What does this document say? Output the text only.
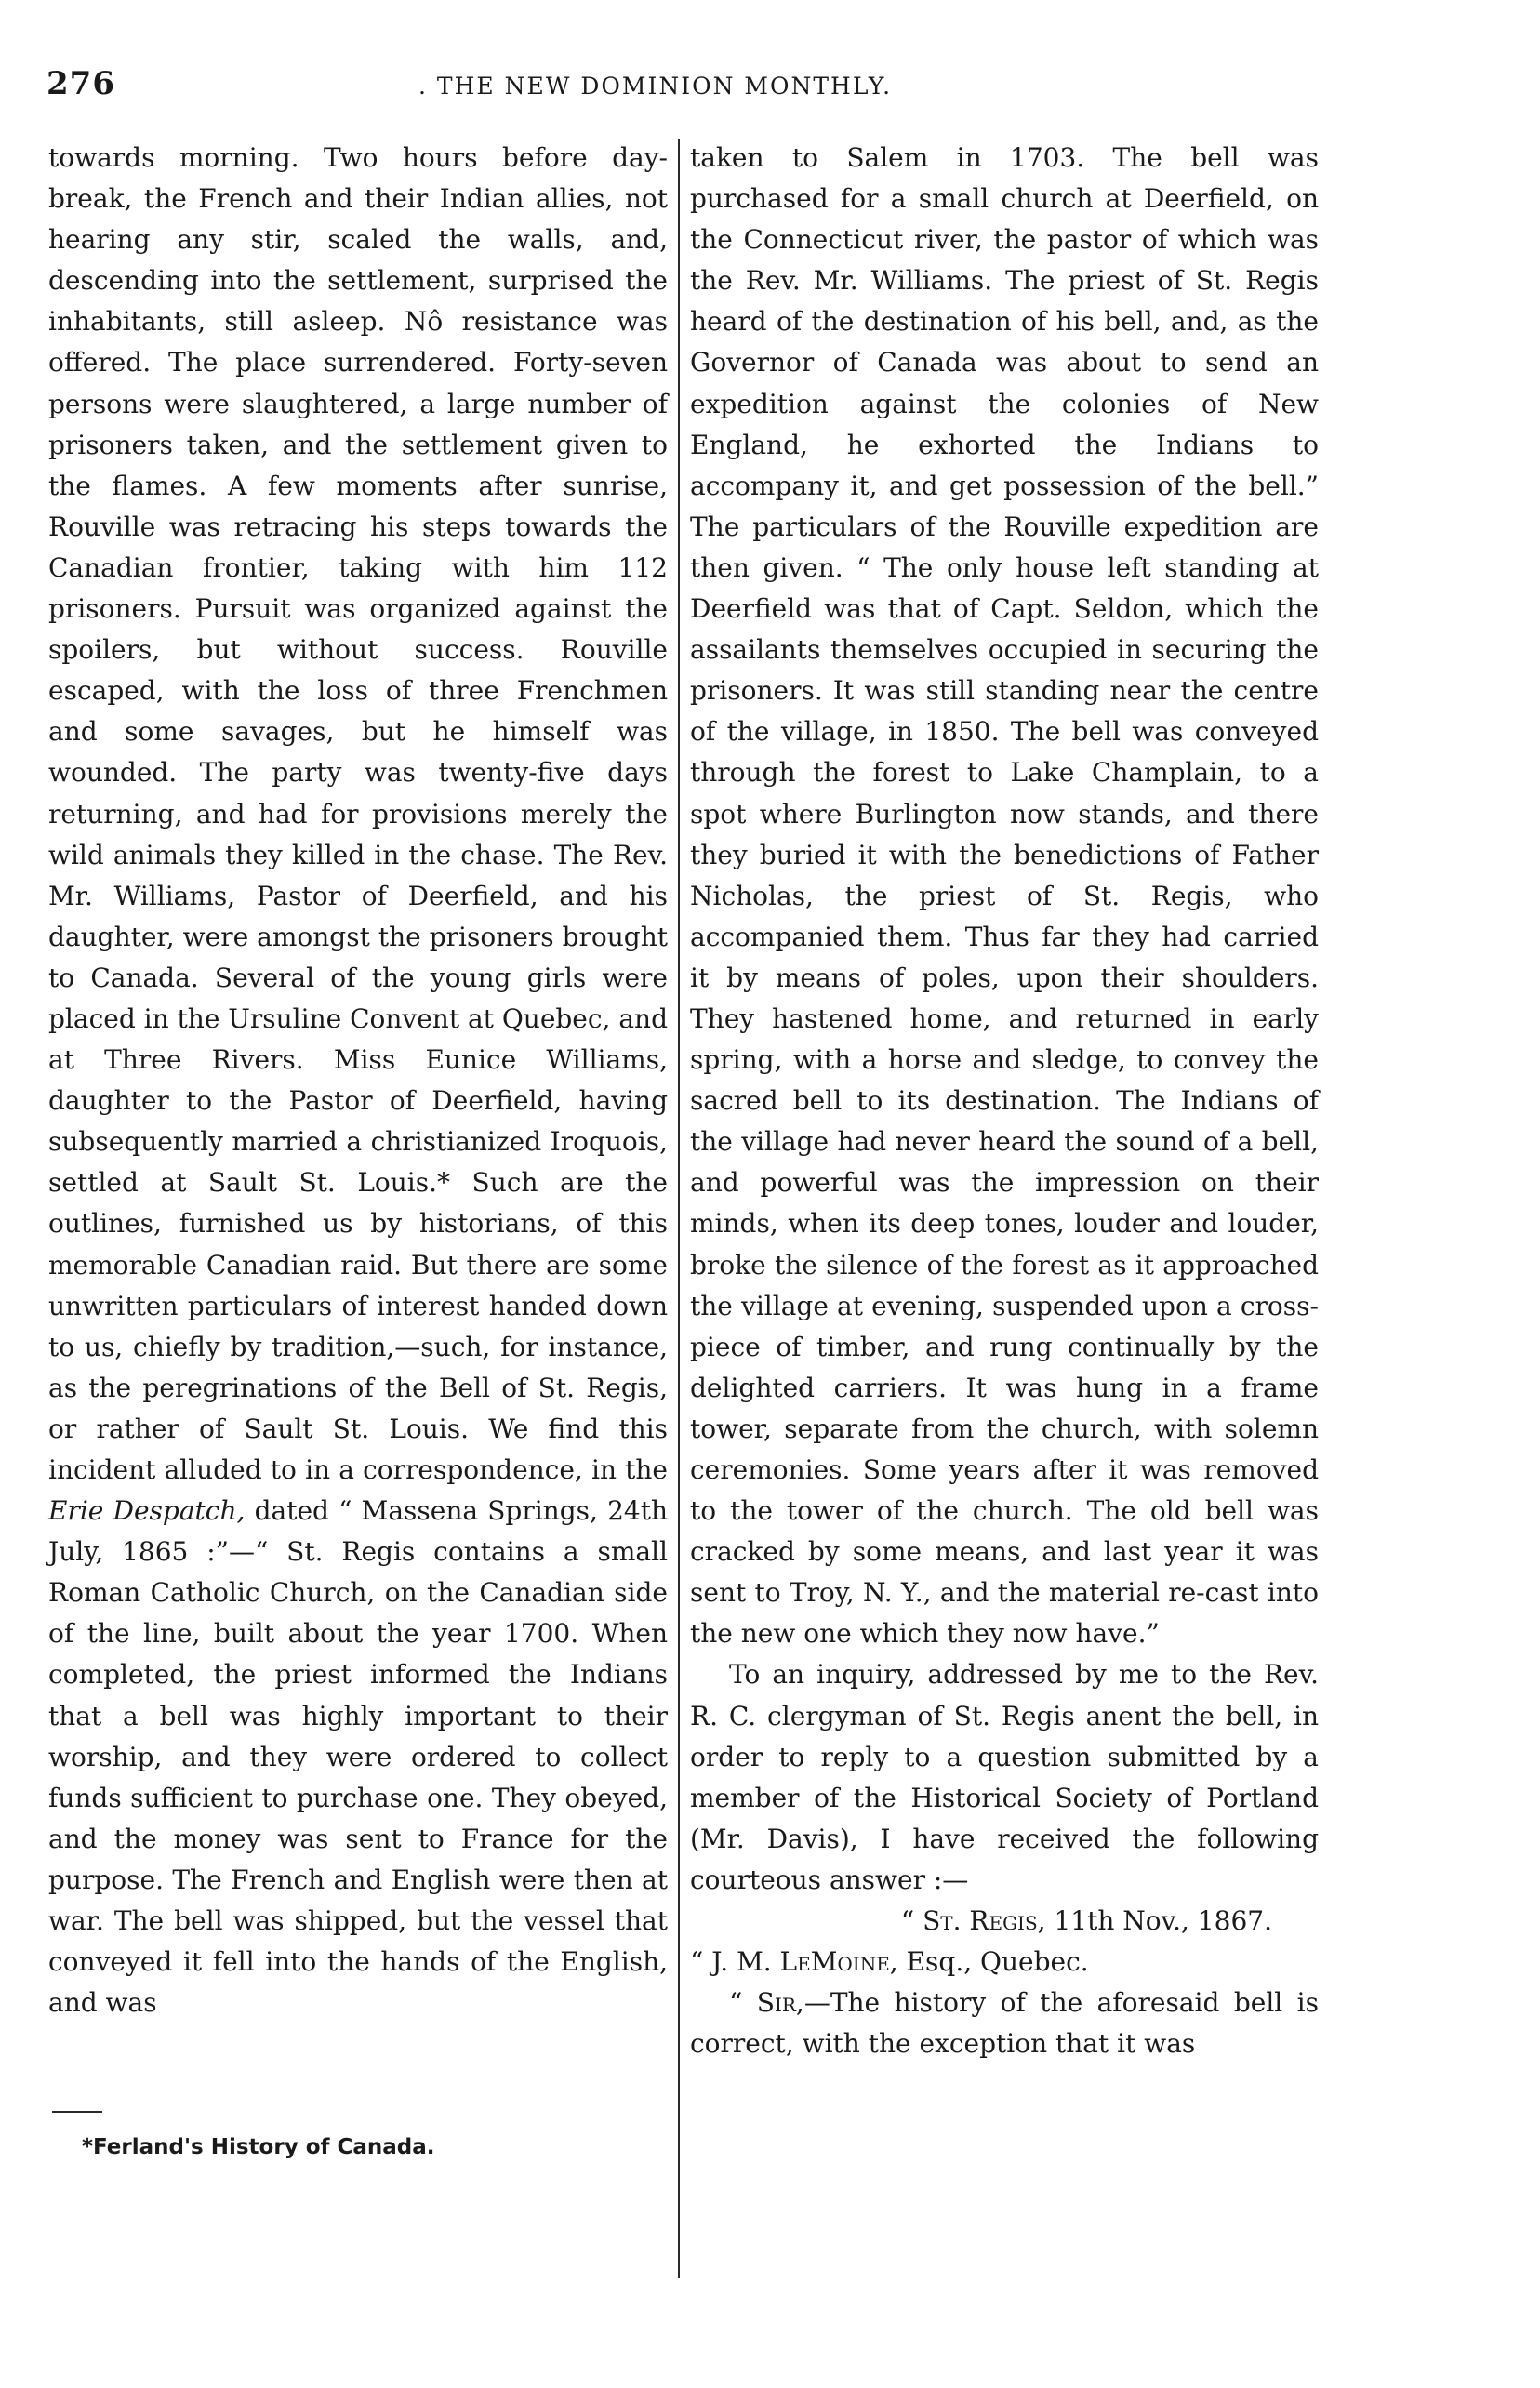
276	. THE NEW DOMINION MONTHLY.

towards morning. Two hours before day-break, the French and their Indian allies, not hearing any stir, scaled the walls, and, descending into the settlement, surprised the inhabitants, still asleep. Nô resistance was offered. The place surrendered. Forty-seven persons were slaughtered, a large number of prisoners taken, and the settlement given to the flames. A few moments after sunrise, Rouville was retracing his steps towards the Canadian frontier, taking with him 112 prisoners. Pursuit was organized against the spoilers, but without success. Rouville escaped, with the loss of three Frenchmen and some savages, but he himself was wounded. The party was twenty-five days returning, and had for provisions merely the wild animals they killed in the chase. The Rev. Mr. Williams, Pastor of Deerfield, and his daughter, were amongst the prisoners brought to Canada. Several of the young girls were placed in the Ursuline Convent at Quebec, and at Three Rivers. Miss Eunice Williams, daughter to the Pastor of Deerfield, having subsequently married a christianized Iroquois, settled at Sault St. Louis.* Such are the outlines, furnished us by historians, of this memorable Canadian raid. But there are some unwritten particulars of interest handed down to us, chiefly by tradition,—such, for instance, as the peregrinations of the Bell of St. Regis, or rather of Sault St. Louis. We find this incident alluded to in a correspondence, in the Erie Despatch, dated “ Massena Springs, 24th July, 1865 :”—“ St. Regis contains a small Roman Catholic Church, on the Canadian side of the line, built about the year 1700. When completed, the priest informed the Indians that a bell was highly important to their worship, and they were ordered to collect funds sufficient to purchase one. They obeyed, and the money was sent to France for the purpose. The French and English were then at war. The bell was shipped, but the vessel that conveyed it fell into the hands of the English, and was

taken to Salem in 1703. The bell was purchased for a small church at Deerfield, on the Connecticut river, the pastor of which was the Rev. Mr. Williams. The priest of St. Regis heard of the destination of his bell, and, as the Governor of Canada was about to send an expedition against the colonies of New England, he exhorted the Indians to accompany it, and get possession of the bell.” The particulars of the Rouville expedition are then given. “ The only house left standing at Deerfield was that of Capt. Seldon, which the assailants themselves occupied in securing the prisoners. It was still standing near the centre of the village, in 1850. The bell was conveyed through the forest to Lake Champlain, to a spot where Burlington now stands, and there they buried it with the benedictions of Father Nicholas, the priest of St. Regis, who accompanied them. Thus far they had carried it by means of poles, upon their shoulders. They hastened home, and returned in early spring, with a horse and sledge, to convey the sacred bell to its destination. The Indians of the village had never heard the sound of a bell, and powerful was the impression on their minds, when its deep tones, louder and louder, broke the silence of the forest as it approached the village at evening, suspended upon a cross-piece of timber, and rung continually by the delighted carriers. It was hung in a frame tower, separate from the church, with solemn ceremonies. Some years after it was removed to the tower of the church. The old bell was cracked by some means, and last year it was sent to Troy, N. Y., and the material re-cast into the new one which they now have.”

To an inquiry, addressed by me to the Rev. R. C. clergyman of St. Regis anent the bell, in order to reply to a question submitted by a member of the Historical Society of Portland (Mr. Davis), I have received the following courteous answer :—

“ St. Regis, 11th Nov., 1867.

“ J. M. LeMoine, Esq., Quebec.

“ Sir,—The history of the aforesaid bell is correct, with the exception that it was

*Ferland's History of Canada.
